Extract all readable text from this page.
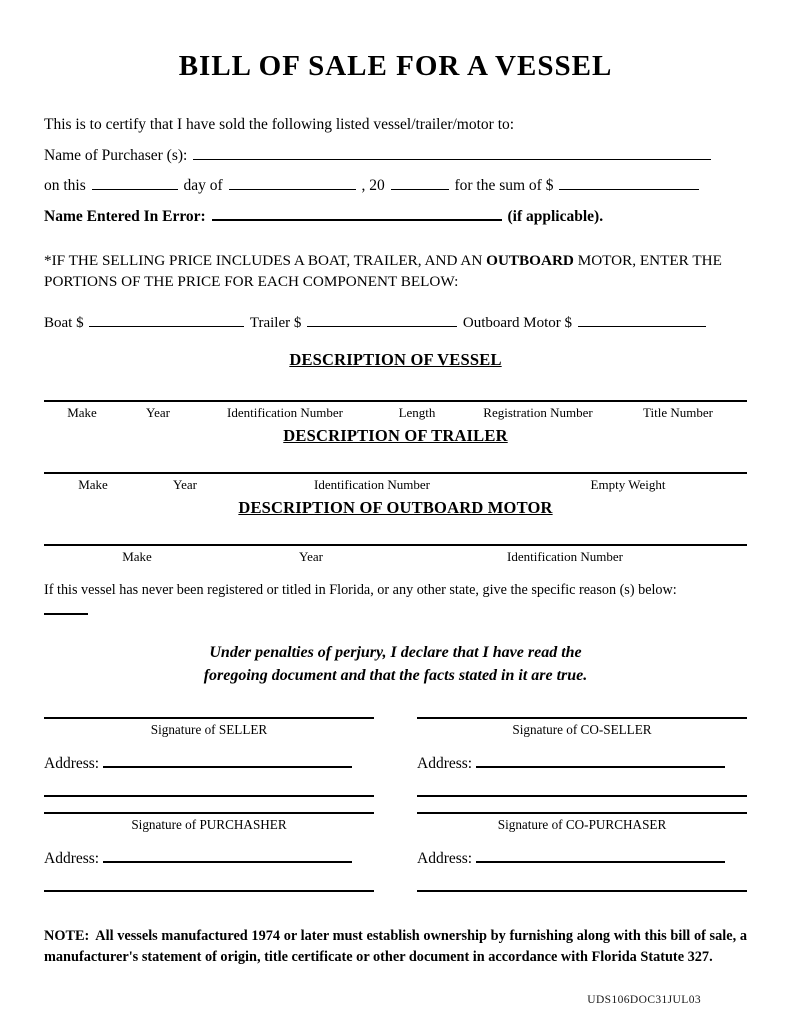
BILL OF SALE FOR A VESSEL

This is to certify that I have sold the following listed vessel/trailer/motor to:

Name of Purchaser (s):
on this	day of	, 20	for the sum of $
Name Entered In Error:	(if applicable).

*IF THE SELLING PRICE INCLUDES A BOAT, TRAILER, AND AN OUTBOARD MOTOR, ENTER THE PORTIONS OF THE PRICE FOR EACH COMPONENT BELOW:

Boat $	Trailer $	Outboard Motor $

DESCRIPTION OF VESSEL

Make	Year	Identification Number	Length	Registration Number	Title Number

DESCRIPTION OF TRAILER

Make	Year	Identification Number	Empty Weight

DESCRIPTION OF OUTBOARD MOTOR

Make	Year	Identification Number

If this vessel has never been registered or titled in Florida, or any other state, give the specific reason (s) below:

Under penalties of perjury, I declare that I have read the
foregoing document and that the facts stated in it are true.
Signature of SELLER
Address:
Signature of CO-SELLER
Address:
Signature of PURCHASHER
Address:
Signature of CO-PURCHASER
Address:

NOTE: All vessels manufactured 1974 or later must establish ownership by furnishing along with this bill of sale, a manufacturer's statement of origin, title certificate or other document in accordance with Florida Statute 327.

UDS106DOC31JUL03
